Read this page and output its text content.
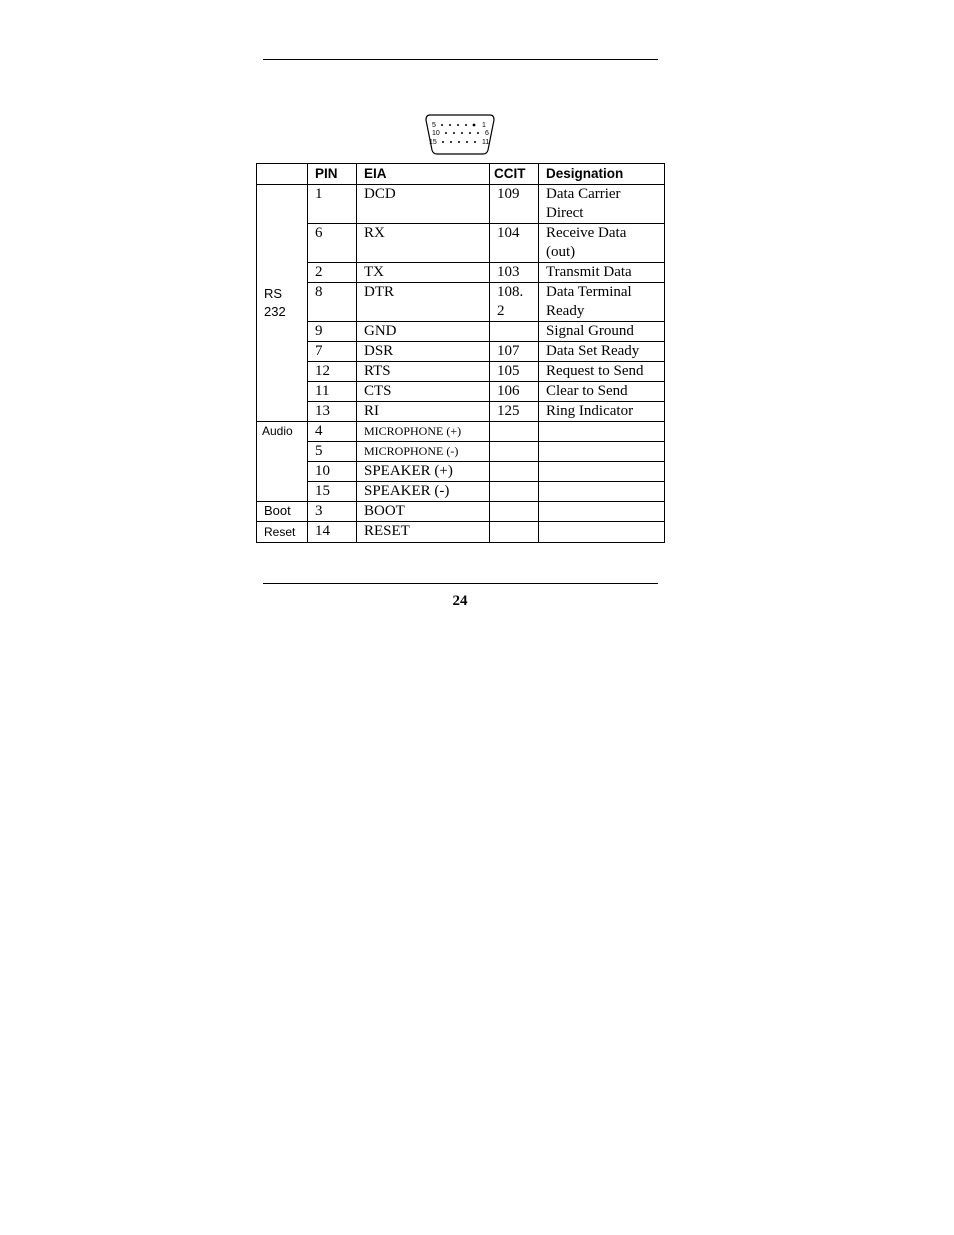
5	1
10	6
15	11
	PIN	EIA	CCIT	Designation

RS 232	1	DCD	109	Data Carrier Direct
	6	RX	104	Receive Data (out)
	2	TX	103	Transmit Data
	8	DTR	108. 2	Data Terminal Ready
	9	GND		Signal Ground
	7	DSR	107	Data Set Ready
	12	RTS	105	Request to Send
	11	CTS	106	Clear to Send
	13	RI	125	Ring Indicator
Audio	4	MICROPHONE (+)		
	5	MICROPHONE (-)		
	10	SPEAKER (+)		
	15	SPEAKER (-)		
Boot	3	BOOT		
Reset	14	RESET		
24
